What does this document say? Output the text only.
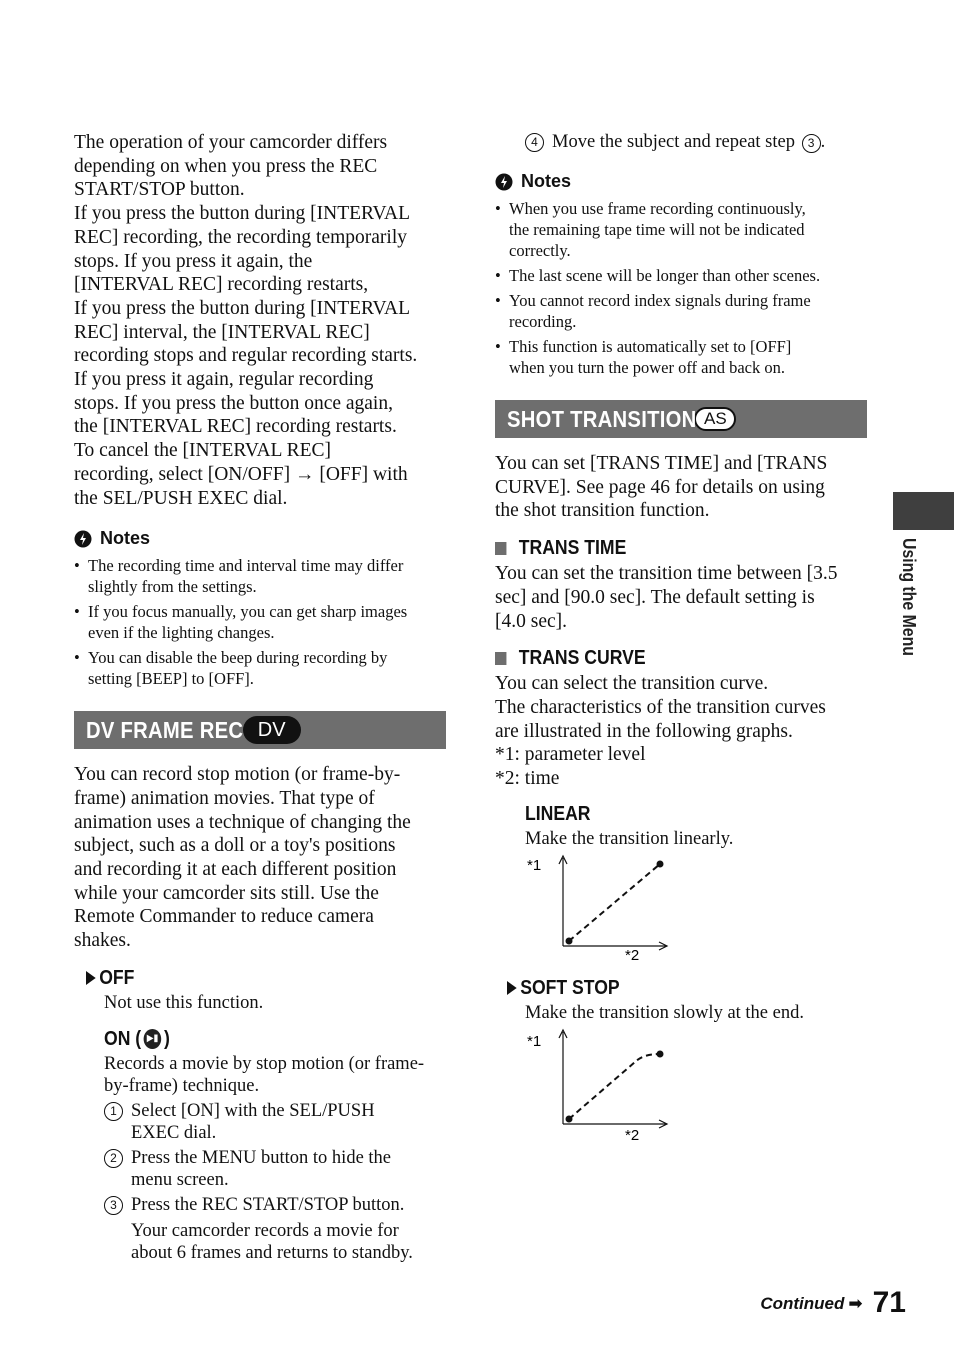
The operation of your camcorder differs
depending on when you press the REC
START/STOP button.
If you press the button during [INTERVAL
REC] recording, the recording temporarily
stops. If you press it again, the
[INTERVAL REC] recording restarts,
If you press the button during [INTERVAL
REC] interval, the [INTERVAL REC]
recording stops and regular recording starts.
If you press it again, regular recording
stops. If you press the button once again,
the [INTERVAL REC] recording restarts.
To cancel the [INTERVAL REC]
recording, select [ON/OFF] → [OFF] with
the SEL/PUSH EXEC dial.
Notes
• The recording time and interval time may differ
slightly from the settings.
• If you focus manually, you can get sharp images
even if the lighting changes.
• You can disable the beep during recording by
setting [BEEP] to [OFF].
DV FRAME REC DV
You can record stop motion (or frame-by-
frame) animation movies. That type of
animation uses a technique of changing the
subject, such as a doll or a toy's positions
and recording it at each different position
while your camcorder sits still. Use the
Remote Commander to reduce camera
shakes.
OFF
Not use this function.
ON ( ▶▮ )
Records a movie by stop motion (or frame-
by-frame) technique.
1 Select [ON] with the SEL/PUSH
EXEC dial.
2 Press the MENU button to hide the
menu screen.
3 Press the REC START/STOP button.
Your camcorder records a movie for
about 6 frames and returns to standby.
4 Move the subject and repeat step 3 .
Notes
• When you use frame recording continuously,
the remaining tape time will not be indicated
correctly.
• The last scene will be longer than other scenes.
• You cannot record index signals during frame
recording.
• This function is automatically set to [OFF]
when you turn the power off and back on.
SHOT TRANSITION AS
You can set [TRANS TIME] and [TRANS
CURVE]. See page 46 for details on using
the shot transition function.
TRANS TIME
You can set the transition time between [3.5
sec] and [90.0 sec]. The default setting is
[4.0 sec].
TRANS CURVE
You can select the transition curve.
The characteristics of the transition curves
are illustrated in the following graphs.
*1: parameter level
*2: time
LINEAR
Make the transition linearly.
*1
*2
SOFT STOP
Make the transition slowly at the end.
*1
*2
Using the Menu
Continued ➡ 71
